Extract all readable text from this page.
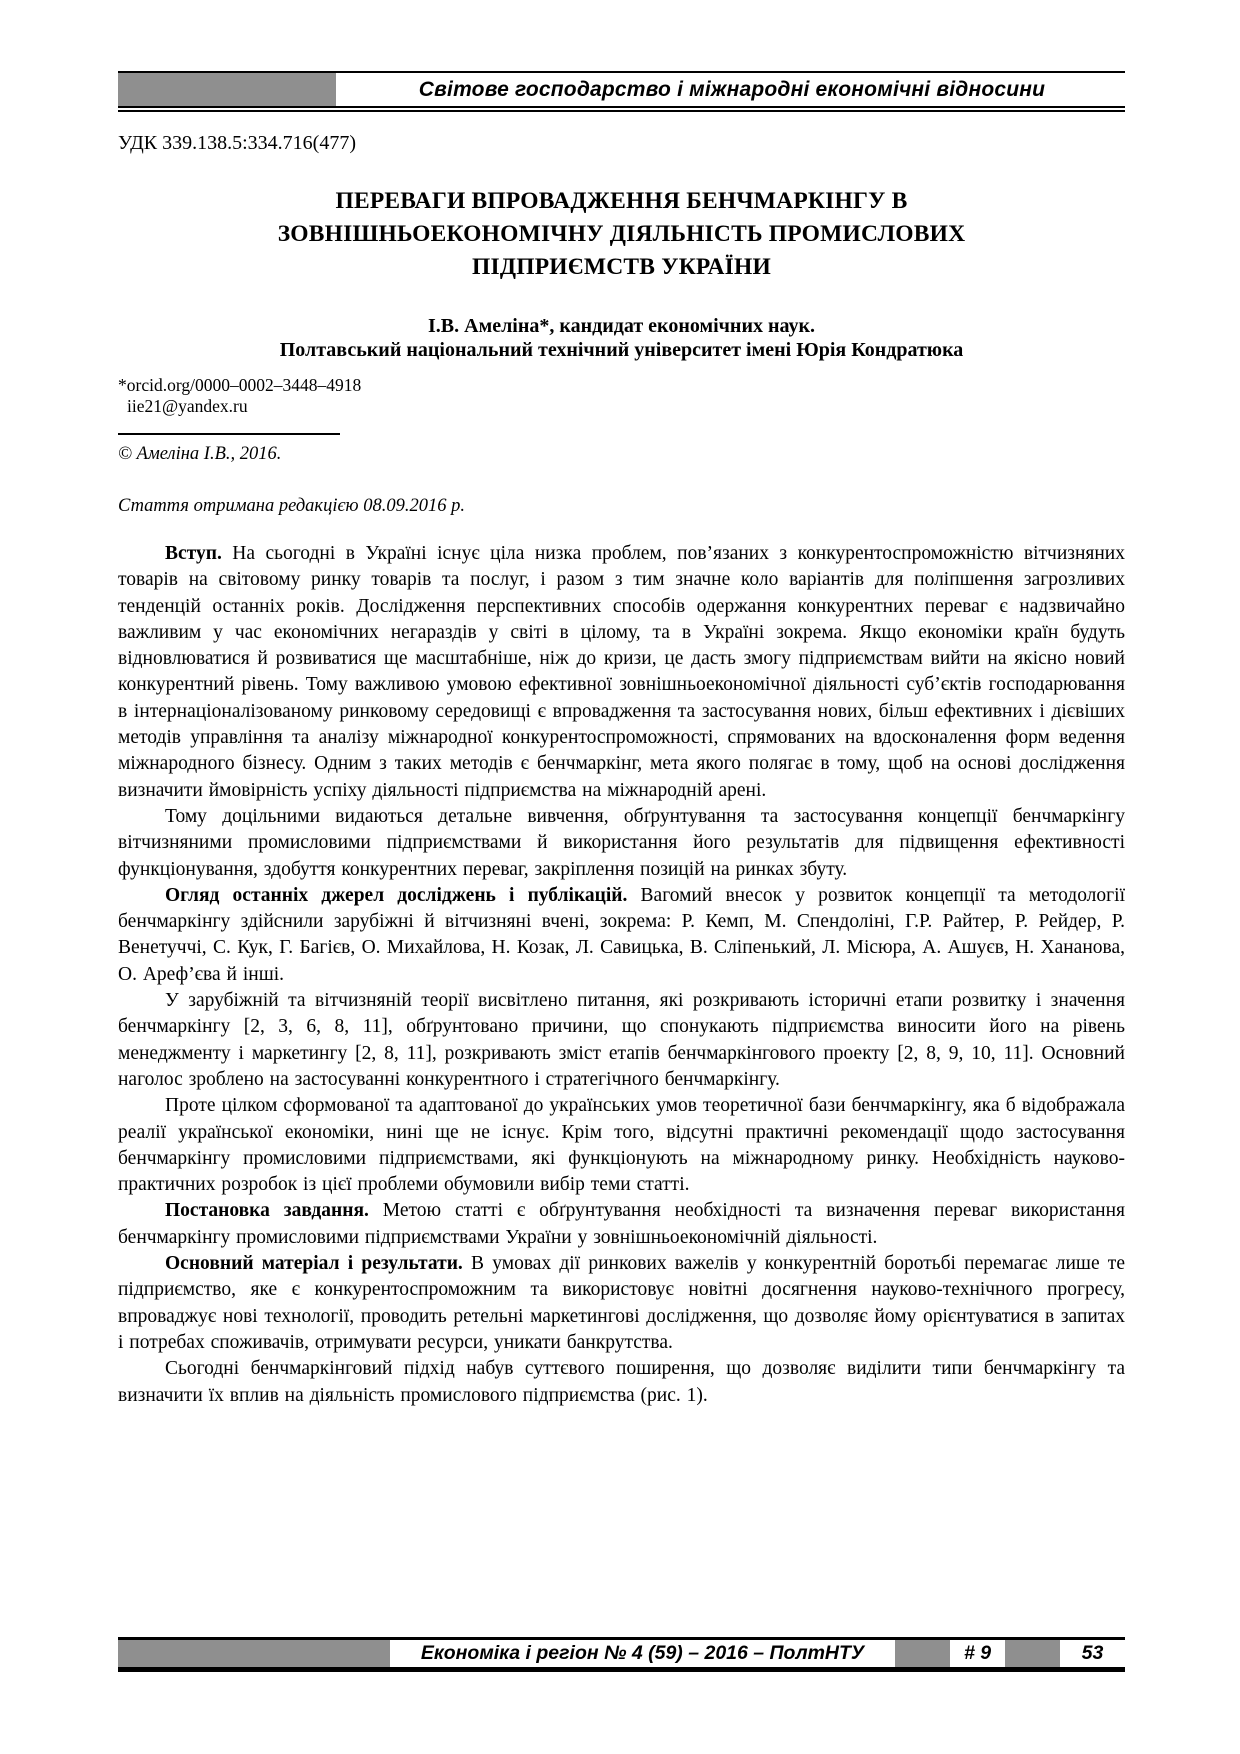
Світове господарство і міжнародні економічні відносини
УДК 339.138.5:334.716(477)
ПЕРЕВАГИ ВПРОВАДЖЕННЯ БЕНЧМАРКІНГУ В
ЗОВНІШНЬОЕКОНОМІЧНУ ДІЯЛЬНІСТЬ ПРОМИСЛОВИХ
ПІДПРИЄМСТВ УКРАЇНИ
І.В. Амеліна*, кандидат економічних наук.
Полтавський національний технічний університет імені Юрія Кондратюка
*orcid.org/0000–0002–3448–4918
iie21@yandex.ru
© Амеліна І.В., 2016.
Стаття отримана редакцією 08.09.2016 р.

Вступ. На сьогодні в Україні існує ціла низка проблем, пов’язаних з конкурентоспроможністю вітчизняних товарів на світовому ринку товарів та послуг, і разом з тим значне коло варіантів для поліпшення загрозливих тенденцій останніх років. Дослідження перспективних способів одержання конкурентних переваг є надзвичайно важливим у час економічних негараздів у світі в цілому, та в Україні зокрема. Якщо економіки країн будуть відновлюватися й розвиватися ще масштабніше, ніж до кризи, це дасть змогу підприємствам вийти на якісно новий конкурентний рівень. Тому важливою умовою ефективної зовнішньоекономічної діяльності суб’єктів господарювання в інтернаціоналізованому ринковому середовищі є впровадження та застосування нових, більш ефективних і дієвіших методів управління та аналізу міжнародної конкурентоспроможності, спрямованих на вдосконалення форм ведення міжнародного бізнесу. Одним з таких методів є бенчмаркінг, мета якого полягає в тому, щоб на основі дослідження визначити ймовірність успіху діяльності підприємства на міжнародній арені.

Тому доцільними видаються детальне вивчення, обґрунтування та застосування концепції бенчмаркінгу вітчизняними промисловими підприємствами й використання його результатів для підвищення ефективності функціонування, здобуття конкурентних переваг, закріплення позицій на ринках збуту.

Огляд останніх джерел досліджень і публікацій. Вагомий внесок у розвиток концепції та методології бенчмаркінгу здійснили зарубіжні й вітчизняні вчені, зокрема: Р. Кемп, М. Спендоліні, Г.Р. Райтер, Р. Рейдер, Р. Венетуччі, С. Кук, Г. Багієв, О. Михайлова, Н. Козак, Л. Савицька, В. Сліпенький, Л. Місюра, А. Ашуєв, Н. Хананова, О. Ареф’єва й інші.

У зарубіжній та вітчизняній теорії висвітлено питання, які розкривають історичні етапи розвитку і значення бенчмаркінгу [2, 3, 6, 8, 11], обґрунтовано причини, що спонукають підприємства виносити його на рівень менеджменту і маркетингу [2, 8, 11], розкривають зміст етапів бенчмаркінгового проекту [2, 8, 9, 10, 11]. Основний наголос зроблено на застосуванні конкурентного і стратегічного бенчмаркінгу.

Проте цілком сформованої та адаптованої до українських умов теоретичної бази бенчмаркінгу, яка б відображала реалії української економіки, нині ще не існує. Крім того, відсутні практичні рекомендації щодо застосування бенчмаркінгу промисловими підприємствами, які функціонують на міжнародному ринку. Необхідність науково-практичних розробок із цієї проблеми обумовили вибір теми статті.

Постановка завдання. Метою статті є обґрунтування необхідності та визначення переваг використання бенчмаркінгу промисловими підприємствами України у зовнішньоекономічній діяльності.

Основний матеріал і результати. В умовах дії ринкових важелів у конкурентній боротьбі перемагає лише те підприємство, яке є конкурентоспроможним та використовує новітні досягнення науково-технічного прогресу, впроваджує нові технології, проводить ретельні маркетингові дослідження, що дозволяє йому орієнтуватися в запитах і потребах споживачів, отримувати ресурси, уникати банкрутства.

Сьогодні бенчмаркінговий підхід набув суттєвого поширення, що дозволяє виділити типи бенчмаркінгу та визначити їх вплив на діяльність промислового підприємства (рис. 1).

Економіка і регіон № 4 (59) – 2016 – ПолтНТУ	# 9	53
